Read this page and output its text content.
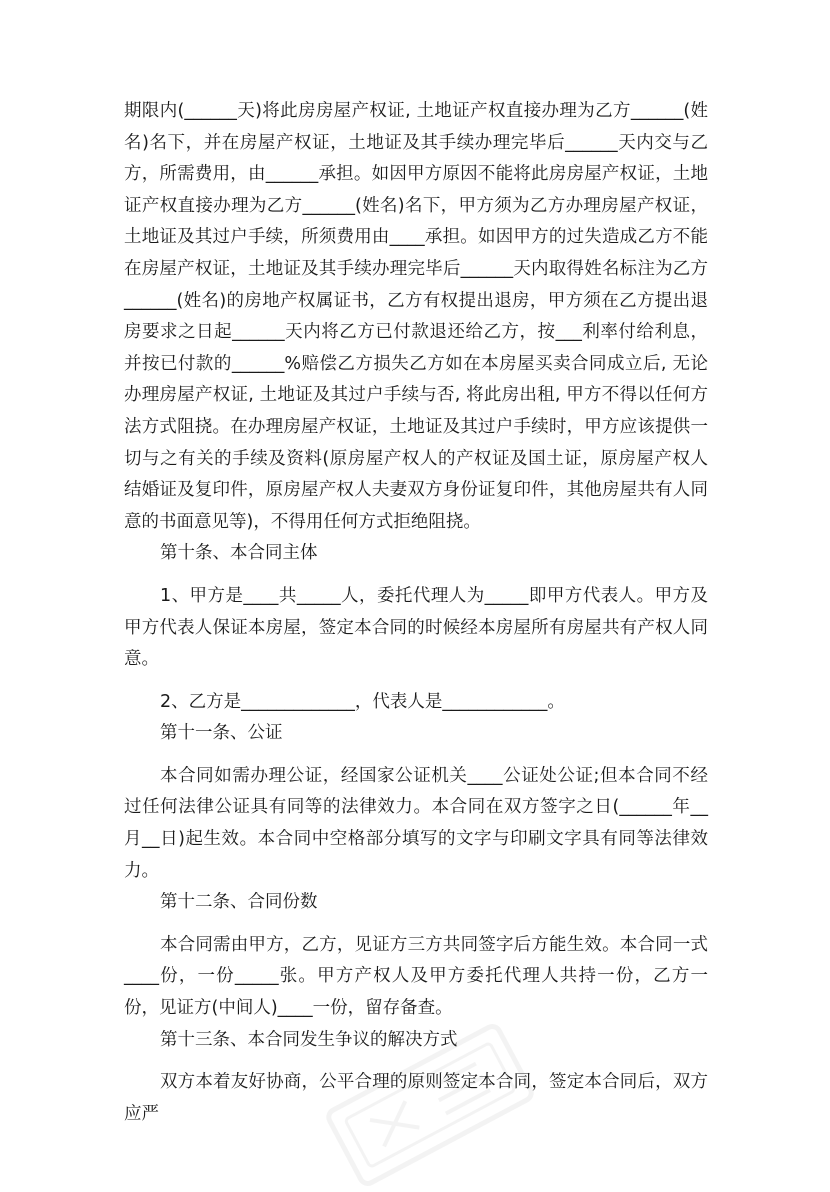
期限内(______天)将此房房屋产权证, 土地证产权直接办理为乙方______(姓名)名下，并在房屋产权证，土地证及其手续办理完毕后______天内交与乙方，所需费用，由______承担。如因甲方原因不能将此房房屋产权证，土地证产权直接办理为乙方______(姓名)名下，甲方须为乙方办理房屋产权证，土地证及其过户手续，所须费用由____承担。如因甲方的过失造成乙方不能在房屋产权证，土地证及其手续办理完毕后______天内取得姓名标注为乙方______(姓名)的房地产权属证书，乙方有权提出退房，甲方须在乙方提出退房要求之日起______天内将乙方已付款退还给乙方，按___利率付给利息，并按已付款的______%赔偿乙方损失乙方如在本房屋买卖合同成立后, 无论办理房屋产权证, 土地证及其过户手续与否, 将此房出租, 甲方不得以任何方法方式阻挠。在办理房屋产权证，土地证及其过户手续时，甲方应该提供一切与之有关的手续及资料(原房屋产权人的产权证及国土证，原房屋产权人结婚证及复印件，原房屋产权人夫妻双方身份证复印件，其他房屋共有人同意的书面意见等)，不得用任何方式拒绝阻挠。

第十条、本合同主体

1、甲方是____共_____人，委托代理人为_____即甲方代表人。甲方及甲方代表人保证本房屋，签定本合同的时候经本房屋所有房屋共有产权人同意。

2、乙方是_____________，代表人是____________。

第十一条、公证

本合同如需办理公证，经国家公证机关____公证处公证;但本合同不经过任何法律公证具有同等的法律效力。本合同在双方签字之日(______年__月__日)起生效。本合同中空格部分填写的文字与印刷文字具有同等法律效力。

第十二条、合同份数

本合同需由甲方，乙方，见证方三方共同签字后方能生效。本合同一式____份，一份_____张。甲方产权人及甲方委托代理人共持一份，乙方一份，见证方(中间人)____一份，留存备查。

第十三条、本合同发生争议的解决方式

双方本着友好协商，公平合理的原则签定本合同，签定本合同后，双方应严
